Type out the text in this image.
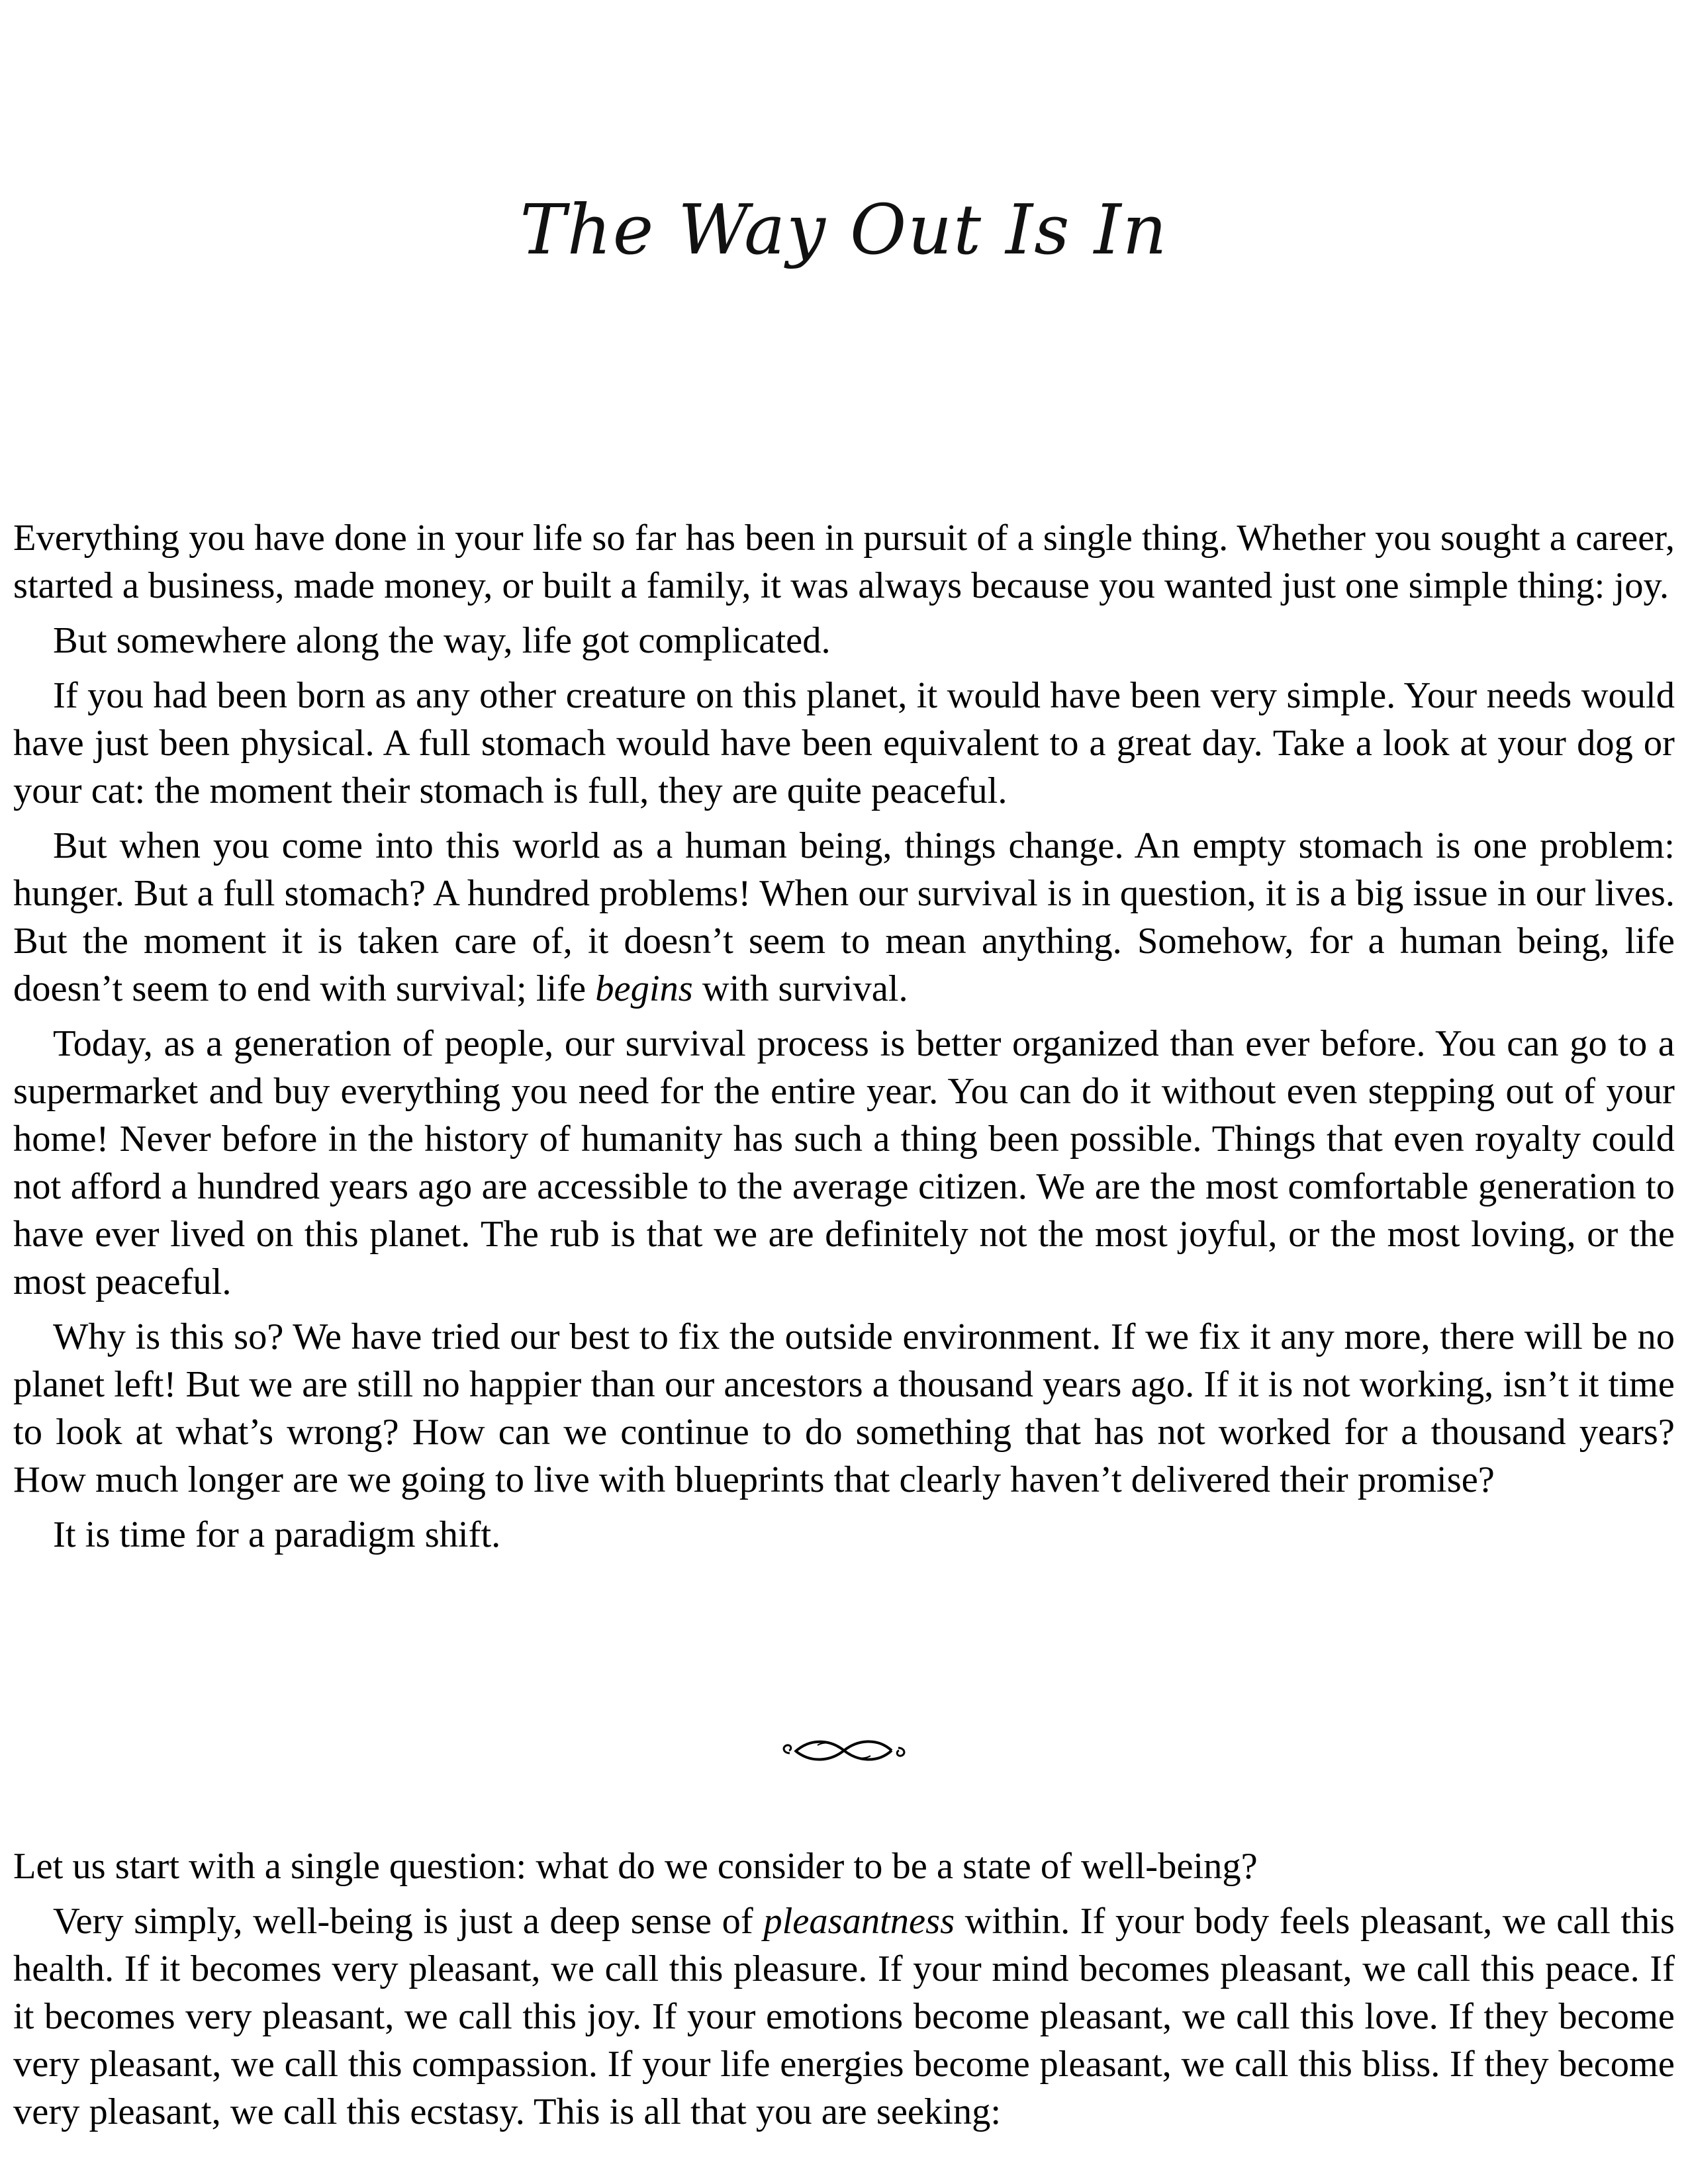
The Way Out Is In

Everything you have done in your life so far has been in pursuit of a single thing. Whether you sought a career, started a business, made money, or built a family, it was always because you wanted just one simple thing: joy.

But somewhere along the way, life got complicated.

If you had been born as any other creature on this planet, it would have been very simple. Your needs would have just been physical. A full stomach would have been equivalent to a great day. Take a look at your dog or your cat: the moment their stomach is full, they are quite peaceful.

But when you come into this world as a human being, things change. An empty stomach is one problem: hunger. But a full stomach? A hundred problems! When our survival is in question, it is a big issue in our lives. But the moment it is taken care of, it doesn’t seem to mean anything. Somehow, for a human being, life doesn’t seem to end with survival; life begins with survival.

Today, as a generation of people, our survival process is better organized than ever before. You can go to a supermarket and buy everything you need for the entire year. You can do it without even stepping out of your home! Never before in the history of humanity has such a thing been possible. Things that even royalty could not afford a hundred years ago are accessible to the average citizen. We are the most comfortable generation to have ever lived on this planet. The rub is that we are definitely not the most joyful, or the most loving, or the most peaceful.

Why is this so? We have tried our best to fix the outside environment. If we fix it any more, there will be no planet left! But we are still no happier than our ancestors a thousand years ago. If it is not working, isn’t it time to look at what’s wrong? How can we continue to do something that has not worked for a thousand years? How much longer are we going to live with blueprints that clearly haven’t delivered their promise?

It is time for a paradigm shift.

Let us start with a single question: what do we consider to be a state of well-being?

Very simply, well-being is just a deep sense of pleasantness within. If your body feels pleasant, we call this health. If it becomes very pleasant, we call this pleasure. If your mind becomes pleasant, we call this peace. If it becomes very pleasant, we call this joy. If your emotions become pleasant, we call this love. If they become very pleasant, we call this compassion. If your life energies become pleasant, we call this bliss. If they become very pleasant, we call this ecstasy. This is all that you are seeking:
